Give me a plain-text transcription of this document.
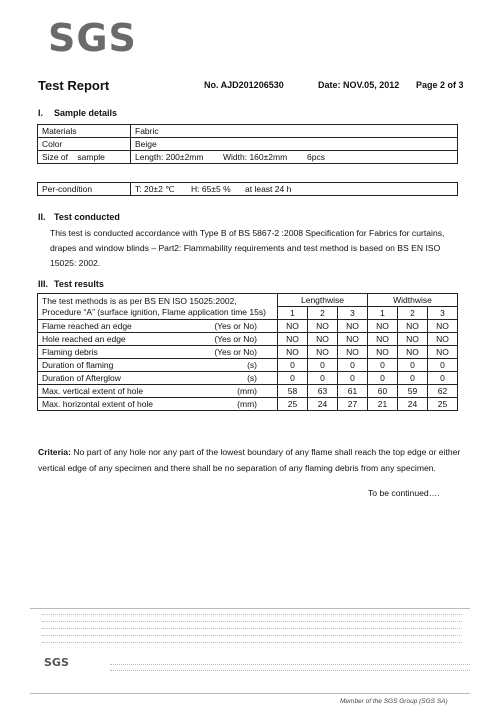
SGS
Test Report	No. AJD201206530	Date: NOV.05, 2012 Page 2 of 3
I. Sample details
Materials	Fabric		
Color	Beige		
Size of    sample	Length: 200±2mm	Width: 160±2mm	6pcs
Per-condition	T: 20±2 ℃	H: 65±5 %	at least 24 h
II. Test conducted
This test is conducted accordance with Type B of BS 5867-2 :2008 Specification for Fabrics for curtains,
drapes and window blinds – Part2: Flammability requirements and test method is based on BS EN ISO
15025: 2002.
III. Test results
The test methods is as per BS EN ISO 15025:2002,
Procedure “A” (surface ignition, Flame application time 15s)	Lengthwise			Widthwise		
	1	2	3	1	2	3
Flame reached an edge (Yes or No)	NO	NO	NO	NO	NO	NO
Hole reached an edge (Yes or No)	NO	NO	NO	NO	NO	NO
Flaming debris (Yes or No)	NO	NO	NO	NO	NO	NO
Duration of flaming (s)	0	0	0	0	0	0
Duration of Afterglow (s)	0	0	0	0	0	0
Max. vertical extent of hole (mm)	58	63	61	60	59	62
Max. horizontal extent of hole (mm)	25	24	27	21	24	25
Criteria: No part of any hole nor any part of the lowest boundary of any flame shall reach the top edge or either vertical edge of any specimen and there shall be no separation of any flaming debris from any specimen.
To be continued….
SGS
Member of the SGS Group (SGS SA)
